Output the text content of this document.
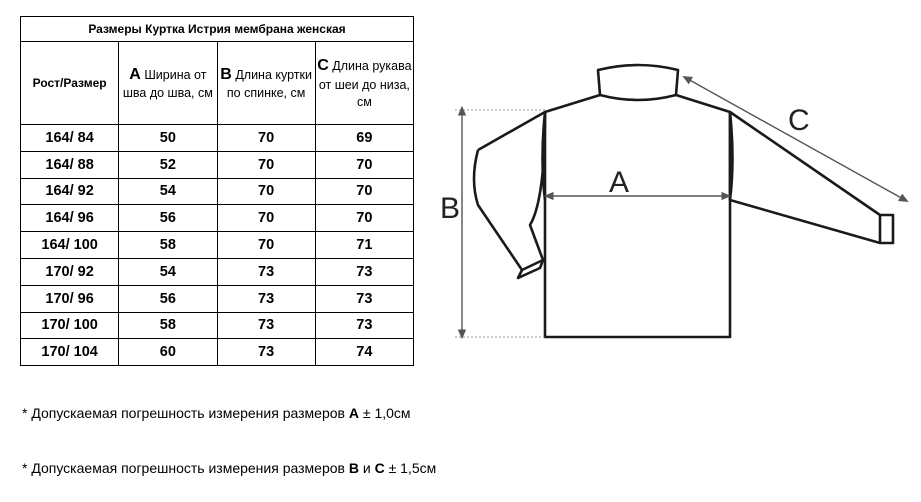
Размеры Куртка Истрия мембрана женская			
Рост/Размер	А Ширина от шва до шва, см	В Длина куртки по спинке, см	С Длина рукава от шеи до низа, см
164/ 84	50	70	69
164/ 88	52	70	70
164/ 92	54	70	70
164/ 96	56	70	70
164/ 100	58	70	71
170/ 92	54	73	73
170/ 96	56	73	73
170/ 100	58	73	73
170/ 104	60	73	74
* Допускаемая погрешность измерения размеров А ± 1,0см
* Допускаемая погрешность измерения размеров В и С ± 1,5см
A
B
C
